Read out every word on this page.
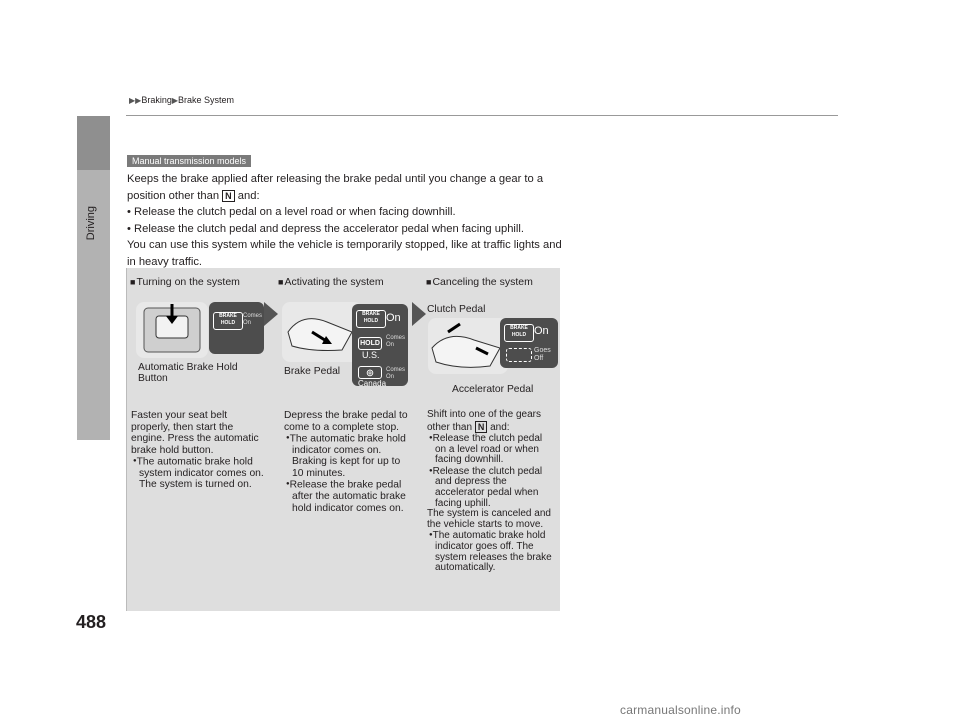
Driving
488
▶▶Braking▶Brake System
Manual transmission models

Keeps the brake applied after releasing the brake pedal until you change a gear to a position other than N and:

• Release the clutch pedal on a level road or when facing downhill.

• Release the clutch pedal and depress the accelerator pedal when facing uphill.

You can use this system while the vehicle is temporarily stopped, like at traffic lights and in heavy traffic.

■ Turning on the system	■ Activating the system	■ Canceling the system
BRAKE HOLD
Comes On
Automatic Brake Hold Button
BRAKE HOLD On
HOLD
Comes On
U.S.
◎	Comes On
Canada
Brake Pedal
Clutch Pedal
BRAKE HOLD On
Goes Off
Accelerator Pedal

Fasten your seat belt properly, then start the engine. Press the automatic brake hold button.

● The automatic brake hold system indicator comes on. The system is turned on.

Depress the brake pedal to come to a complete stop.

● The automatic brake hold indicator comes on. Braking is kept for up to 10 minutes.

● Release the brake pedal after the automatic brake hold indicator comes on.

Shift into one of the gears other than N and:

● Release the clutch pedal on a level road or when facing downhill.

● Release the clutch pedal and depress the accelerator pedal when facing uphill.

The system is canceled and the vehicle starts to move.

● The automatic brake hold indicator goes off. The system releases the brake automatically.

carmanualsonline.info
